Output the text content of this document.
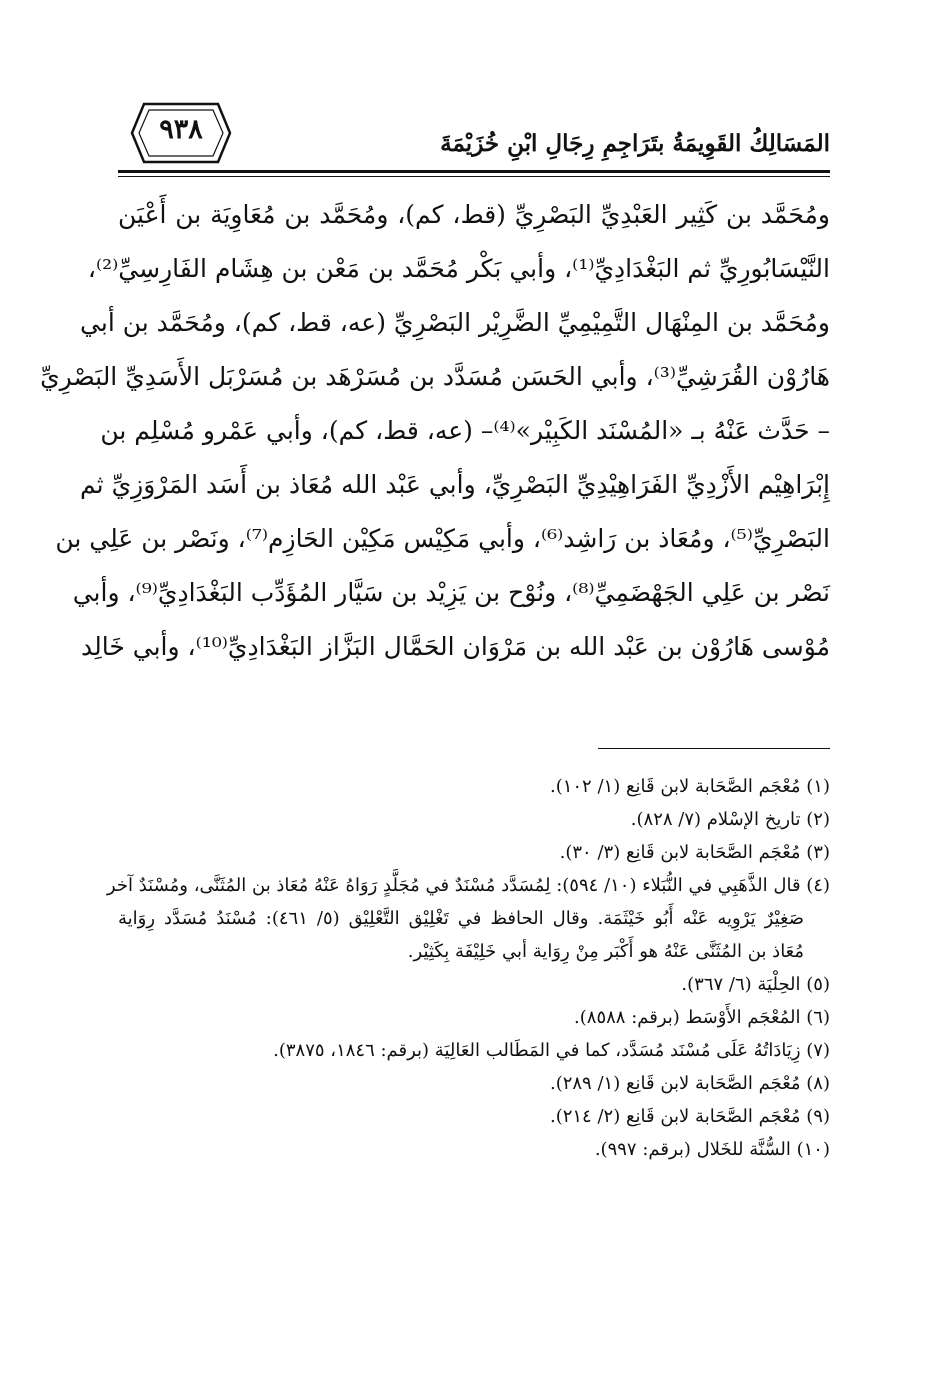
٩٣٨	المَسَالِكُ القَوِيمَةُ بتَرَاجِمِ رِجَالِ ابْنِ خُزَيْمَةَ
ومُحَمَّد بن كَثِير العَبْدِيِّ البَصْرِيِّ (قط، كم)، ومُحَمَّد بن مُعَاوِيَة بن أَعْيَن
النَّيْسَابُورِيِّ ثم البَغْدَادِيِّ⁽¹⁾، وأبي بَكْر مُحَمَّد بن مَعْن بن هِشَام الفَارِسِيِّ⁽²⁾،
ومُحَمَّد بن المِنْهَال التَّمِيْمِيِّ الضَّرِيْر البَصْرِيِّ (عه، قط، كم)، ومُحَمَّد بن أبي
هَارُوْن القُرَشِيِّ⁽³⁾، وأبي الحَسَن مُسَدَّد بن مُسَرْهَد بن مُسَرْبَل الأَسَدِيِّ البَصْرِيِّ
– حَدَّث عَنْهُ بـ «المُسْنَد الكَبِيْر»⁽⁴⁾– (عه، قط، كم)، وأبي عَمْرو مُسْلِم بن
إِبْرَاهِيْم الأَزْدِيِّ الفَرَاهِيْدِيِّ البَصْرِيِّ، وأبي عَبْد الله مُعَاذ بن أَسَد المَرْوَزِيِّ ثم
البَصْرِيِّ⁽⁵⁾، ومُعَاذ بن رَاشِد⁽⁶⁾، وأبي مَكِيْس مَكِيْن الحَازِم⁽⁷⁾، ونَصْر بن عَلِي بن
نَصْر بن عَلِي الجَهْضَمِيِّ⁽⁸⁾، ونُوْح بن يَزِيْد بن سَيَّار المُؤَدِّب البَغْدَادِيِّ⁽⁹⁾، وأبي
مُوْسى هَارُوْن بن عَبْد الله بن مَرْوَان الحَمَّال البَزَّاز البَغْدَادِيِّ⁽¹⁰⁾، وأبي خَالِد
(١) مُعْجَم الصَّحَابة لابن قَانِع (١/ ١٠٢).
(٢) تاريخ الإسْلام (٧/ ٨٢٨).
(٣) مُعْجَم الصَّحَابة لابن قَانِع (٣/ ٣٠).
(٤) قال الذَّهَبِي في النُّبَلاء (١٠/ ٥٩٤): لِمُسَدَّد مُسْنَدٌ في مُجَلَّدٍ رَوَاهُ عَنْهُ مُعَاذ بن المُثَنَّى، ومُسْنَدٌ آخر
صَغِيْرٌ يَرْوِيه عَنْه أَبُو خَيْثَمَة. وقال الحافظ في تَغْلِيْق التَّعْلِيْق (٥/ ٤٦١): مُسْنَدُ مُسَدَّد رِوَاية
مُعَاذ بن المُثَنَّى عَنْهُ هو أَكْبَر مِنْ رِوَاية أبي خَلِيْفَة بِكَثِيْر.
(٥) الحِلْيَة (٦/ ٣٦٧).
(٦) المُعْجَم الأَوْسَط (برقم: ٨٥٨٨).
(٧) زِيَادَاتُهُ عَلَى مُسْنَد مُسَدَّد، كما في المَطَالب العَالِيَة (برقم: ١٨٤٦، ٣٨٧٥).
(٨) مُعْجَم الصَّحَابة لابن قَانِع (١/ ٢٨٩).
(٩) مُعْجَم الصَّحَابة لابن قَانِع (٢/ ٢١٤).
(١٠) السُّنَّة للخَلال (برقم: ٩٩٧).
